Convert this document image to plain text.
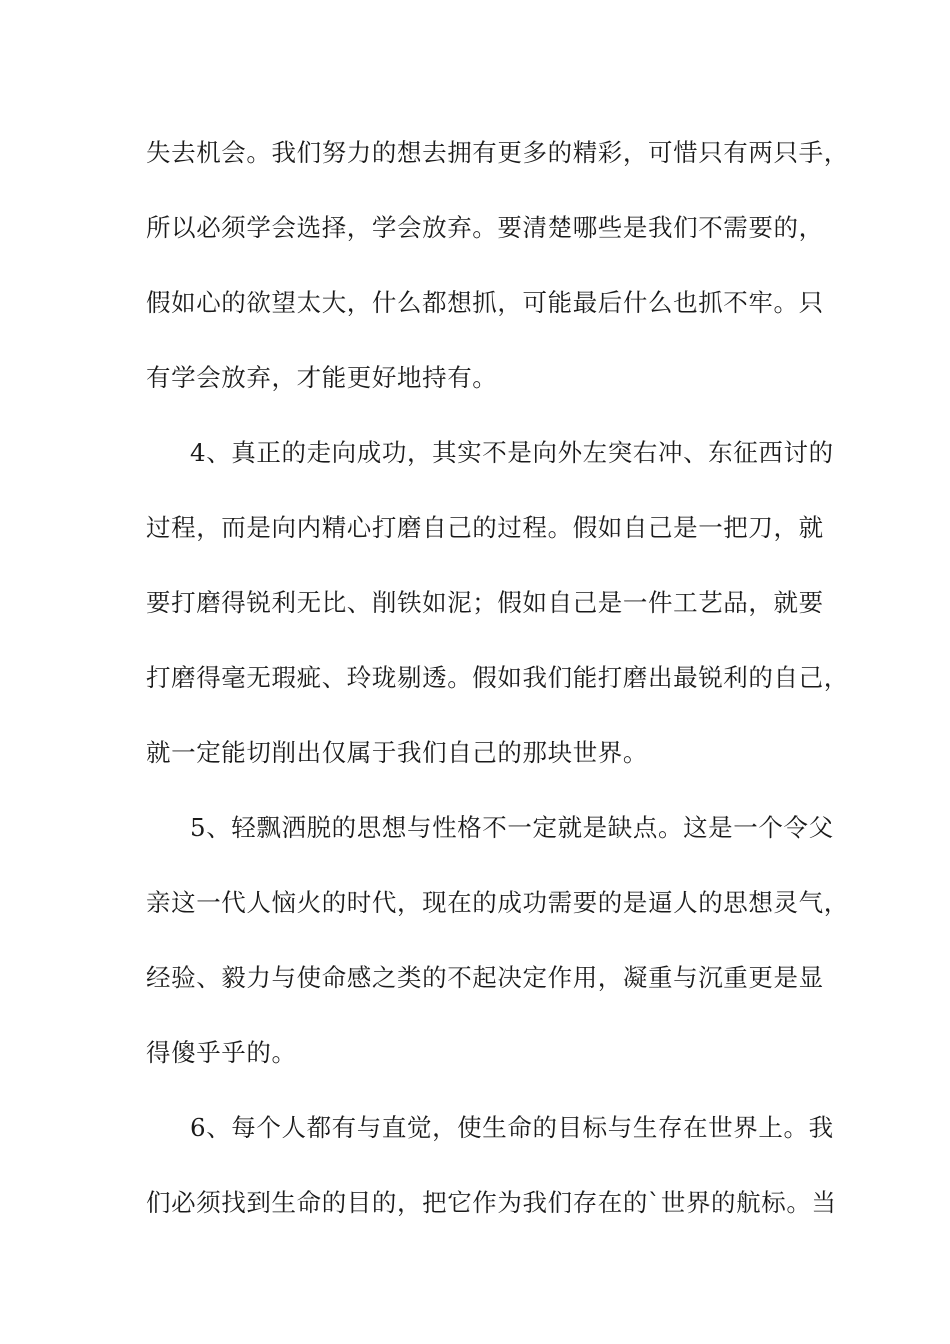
失去机会。我们努力的想去拥有更多的精彩，可惜只有两只手，
所以必须学会选择，学会放弃。要清楚哪些是我们不需要的，
假如心的欲望太大，什么都想抓，可能最后什么也抓不牢。只
有学会放弃，才能更好地持有。
4、真正的走向成功，其实不是向外左突右冲、东征西讨的
过程，而是向内精心打磨自己的过程。假如自己是一把刀，就
要打磨得锐利无比、削铁如泥；假如自己是一件工艺品，就要
打磨得毫无瑕疵、玲珑剔透。假如我们能打磨出最锐利的自己，
就一定能切削出仅属于我们自己的那块世界。
5、轻飘洒脱的思想与性格不一定就是缺点。这是一个令父
亲这一代人恼火的时代，现在的成功需要的是逼人的思想灵气，
经验、毅力与使命感之类的不起决定作用，凝重与沉重更是显
得傻乎乎的。
6、每个人都有与直觉，使生命的目标与生存在世界上。我
们必须找到生命的目的，把它作为我们存在的`世界的航标。当
